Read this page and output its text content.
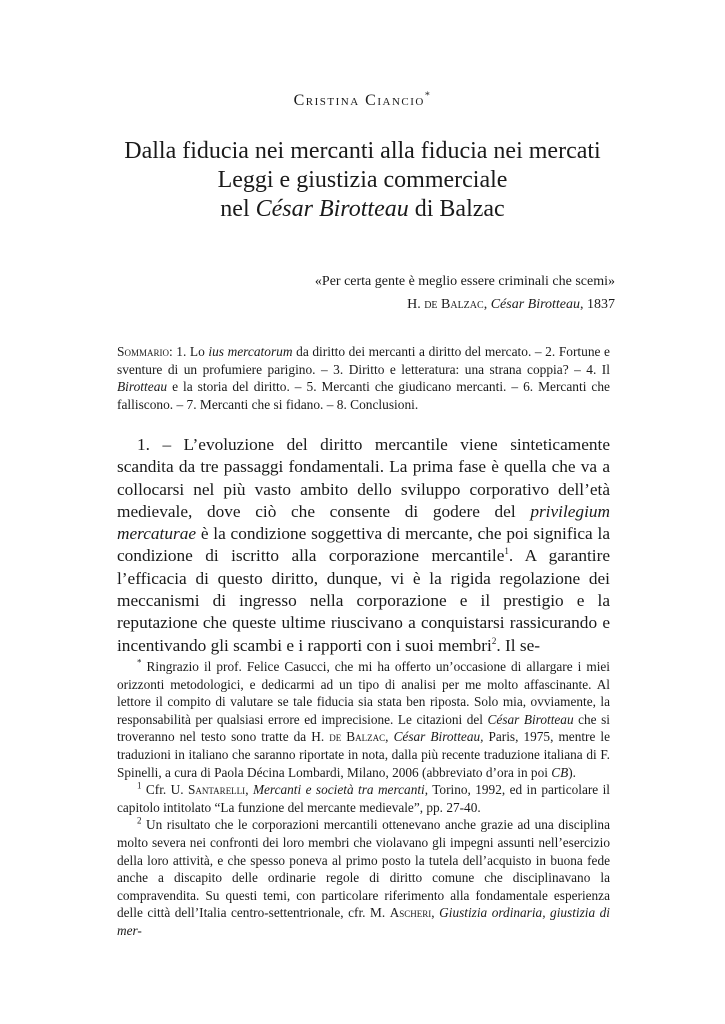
Cristina Ciancio*
Dalla fiducia nei mercanti alla fiducia nei mercati
Leggi e giustizia commerciale
nel César Birotteau di Balzac
«Per certa gente è meglio essere criminali che scemi»
H. de Balzac, César Birotteau, 1837
Sommario: 1. Lo ius mercatorum da diritto dei mercanti a diritto del mercato. – 2. Fortune e sventure di un profumiere parigino. – 3. Diritto e letteratura: una strana coppia? – 4. Il Birotteau e la storia del diritto. – 5. Mercanti che giudicano mercanti. – 6. Mercanti che falliscono. – 7. Mercanti che si fidano. – 8. Conclusioni.

1. – L’evoluzione del diritto mercantile viene sinteticamente scandita da tre passaggi fondamentali. La prima fase è quella che va a collocarsi nel più vasto ambito dello sviluppo corporativo dell’età medievale, dove ciò che consente di godere del privilegium mercaturae è la condizione soggettiva di mercante, che poi significa la condizione di iscritto alla corporazione mercantile$^1$. A garantire l’efficacia di questo diritto, dunque, vi è la rigida regolazione dei meccanismi di ingresso nella corporazione e il prestigio e la reputazione che queste ultime riuscivano a conquistarsi rassicurando e incentivando gli scambi e i rapporti con i suoi membri$^2$. Il se-

* Ringrazio il prof. Felice Casucci, che mi ha offerto un’occasione di allargare i miei orizzonti metodologici, e dedicarmi ad un tipo di analisi per me molto affascinante. Al lettore il compito di valutare se tale fiducia sia stata ben riposta. Solo mia, ovviamente, la responsabilità per qualsiasi errore ed imprecisione. Le citazioni del César Birotteau che si troveranno nel testo sono tratte da H. de Balzac, César Birotteau, Paris, 1975, mentre le traduzioni in italiano che saranno riportate in nota, dalla più recente traduzione italiana di F. Spinelli, a cura di Paola Décina Lombardi, Milano, 2006 (abbreviato d’ora in poi CB).

$^1$ Cfr. U. Santarelli, Mercanti e società tra mercanti, Torino, 1992, ed in particolare il capitolo intitolato “La funzione del mercante medievale”, pp. 27-40.

$^2$ Un risultato che le corporazioni mercantili ottenevano anche grazie ad una disciplina molto severa nei confronti dei loro membri che violavano gli impegni assunti nell’esercizio della loro attività, e che spesso poneva al primo posto la tutela dell’acquisto in buona fede anche a discapito delle ordinarie regole di diritto comune che disciplinavano la compravendita. Su questi temi, con particolare riferimento alla fondamentale esperienza delle città dell’Italia centro-settentrionale, cfr. M. Ascheri, Giustizia ordinaria, giustizia di mer-
